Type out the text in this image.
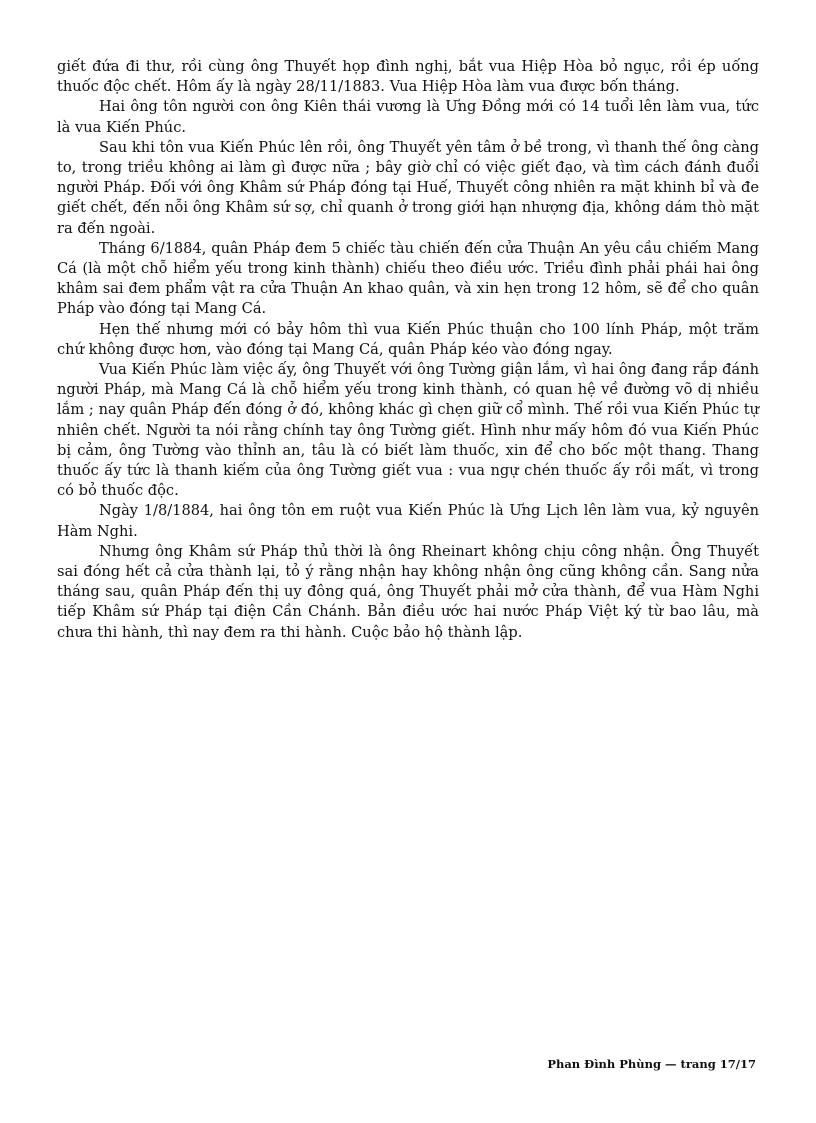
giết đứa đi thư, rồi cùng ông Thuyết họp đình nghị, bắt vua Hiệp Hòa bỏ ngục, rồi ép uống thuốc độc chết. Hôm ấy là ngày 28/11/1883. Vua Hiệp Hòa làm vua được bốn tháng.

Hai ông tôn người con ông Kiên thái vương là Ưng Đồng mới có 14 tuổi lên làm vua, tức là vua Kiến Phúc.

Sau khi tôn vua Kiến Phúc lên rồi, ông Thuyết yên tâm ở bề trong, vì thanh thế ông càng to, trong triều không ai làm gì được nữa ; bây giờ chỉ có việc giết đạo, và tìm cách đánh đuổi người Pháp. Đối với ông Khâm sứ Pháp đóng tại Huế, Thuyết công nhiên ra mặt khinh bỉ và đe giết chết, đến nỗi ông Khâm sứ sợ, chỉ quanh ở trong giới hạn nhượng địa, không dám thò mặt ra đến ngoài.

Tháng 6/1884, quân Pháp đem 5 chiếc tàu chiến đến cửa Thuận An yêu cầu chiếm Mang Cá (là một chỗ hiểm yếu trong kinh thành) chiếu theo điều ước. Triều đình phải phái hai ông khâm sai đem phẩm vật ra cửa Thuận An khao quân, và xin hẹn trong 12 hôm, sẽ để cho quân Pháp vào đóng tại Mang Cá.

Hẹn thế nhưng mới có bảy hôm thì vua Kiến Phúc thuận cho 100 lính Pháp, một trăm chứ không được hơn, vào đóng tại Mang Cá, quân Pháp kéo vào đóng ngay.

Vua Kiến Phúc làm việc ấy, ông Thuyết với ông Tường giận lắm, vì hai ông đang rắp đánh người Pháp, mà Mang Cá là chỗ hiểm yếu trong kinh thành, có quan hệ về đường võ dị nhiều lắm ; nay quân Pháp đến đóng ở đó, không khác gì chẹn giữ cổ mình. Thế rồi vua Kiến Phúc tự nhiên chết. Người ta nói rằng chính tay ông Tường giết. Hình như mấy hôm đó vua Kiến Phúc bị cảm, ông Tường vào thỉnh an, tâu là có biết làm thuốc, xin để cho bốc một thang. Thang thuốc ấy tức là thanh kiếm của ông Tường giết vua : vua ngự chén thuốc ấy rồi mất, vì trong có bỏ thuốc độc.

Ngày 1/8/1884, hai ông tôn em ruột vua Kiến Phúc là Ưng Lịch lên làm vua, kỷ nguyên Hàm Nghi.

Nhưng ông Khâm sứ Pháp thủ thời là ông Rheinart không chịu công nhận. Ông Thuyết sai đóng hết cả cửa thành lại, tỏ ý rằng nhận hay không nhận ông cũng không cần. Sang nửa tháng sau, quân Pháp đến thị uy đông quá, ông Thuyết phải mở cửa thành, để vua Hàm Nghi tiếp Khâm sứ Pháp tại điện Cần Chánh. Bản điều ước hai nước Pháp Việt ký từ bao lâu, mà chưa thi hành, thì nay đem ra thi hành. Cuộc bảo hộ thành lập.

Phan Đình Phùng — trang 17/17
